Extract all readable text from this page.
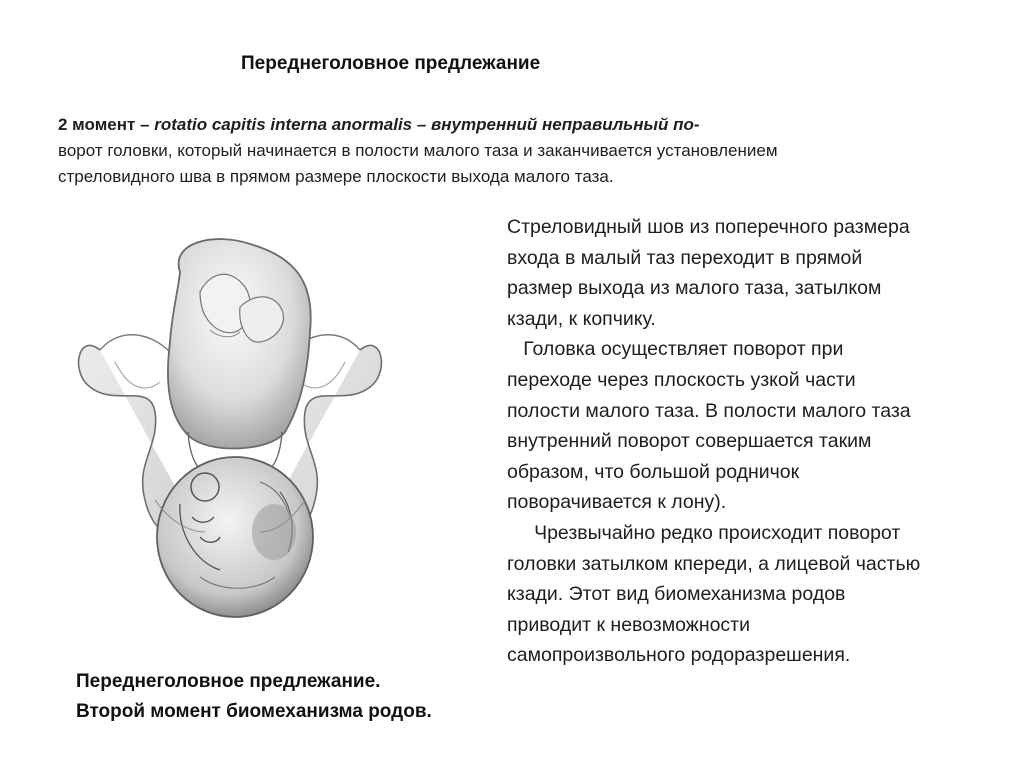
Переднеголовное предлежание
2 момент – rotatio capitis interna anormalis – внутренний неправильный по-
ворот головки, который начинается в полости малого таза и заканчивается установлением
стреловидного шва в прямом размере плоскости выхода малого таза.
Стреловидный шов из поперечного размера
входа в малый таз переходит в прямой
размер выхода из малого таза, затылком
кзади, к копчику.
Головка осуществляет поворот при
переходе через плоскость узкой части
полости малого таза. В полости малого таза
внутренний поворот совершается таким
образом, что большой родничок
поворачивается к лону).
Чрезвычайно редко происходит поворот
головки затылком кпереди, а лицевой частью
кзади. Этот вид биомеханизма родов
приводит к невозможности
самопроизвольного родоразрешения.
Переднеголовное предлежание.
Второй момент биомеханизма родов.
